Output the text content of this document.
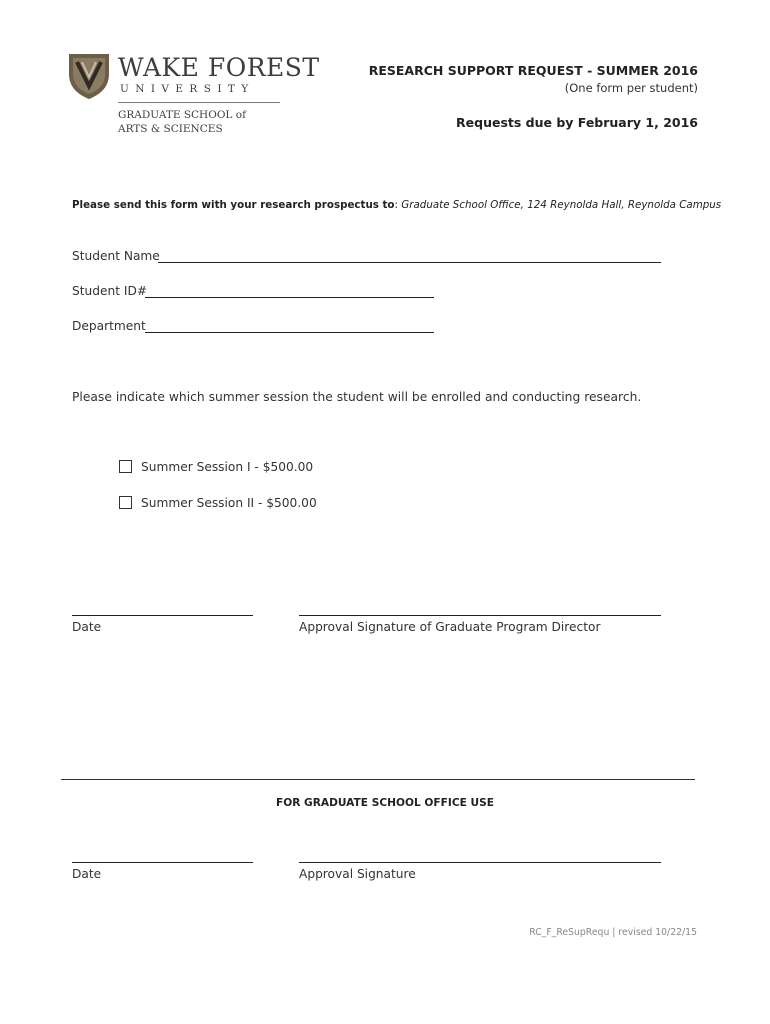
WAKE FOREST
UNIVERSITY
GRADUATE SCHOOL of
ARTS & SCIENCES
RESEARCH SUPPORT REQUEST - SUMMER 2016
(One form per student)
Requests due by February 1, 2016
Please send this form with your research prospectus to: Graduate School Office, 124 Reynolda Hall, Reynolda Campus
Student Name
Student ID#
Department
Please indicate which summer session the student will be enrolled and conducting research.
Summer Session I - $500.00
Summer Session II - $500.00
Date	Approval Signature of Graduate Program Director
FOR GRADUATE SCHOOL OFFICE USE
Date	Approval Signature
RC_F_ReSupRequ | revised 10/22/15
